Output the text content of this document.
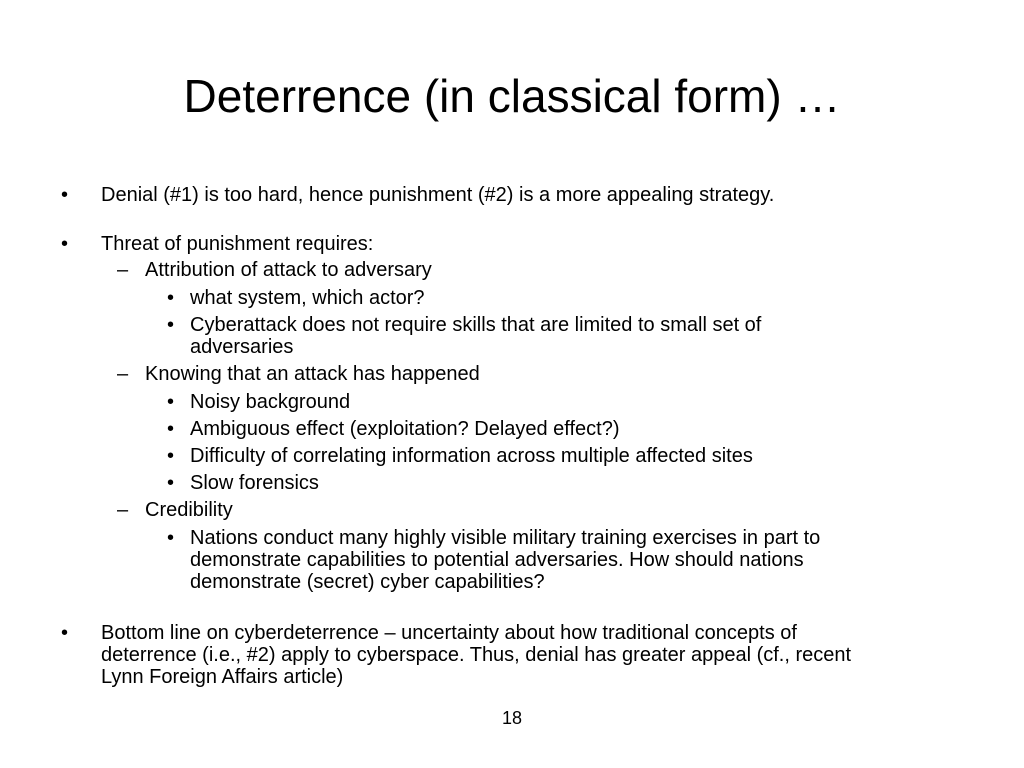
Deterrence (in classical form) …
• Denial (#1) is too hard, hence punishment (#2) is a more appealing strategy.
• Threat of punishment requires:
– Attribution of attack to adversary
• what system, which actor?
• Cyberattack does not require skills that are limited to small set of
adversaries
– Knowing that an attack has happened
• Noisy background
• Ambiguous effect (exploitation? Delayed effect?)
• Difficulty of correlating information across multiple affected sites
• Slow forensics
– Credibility
• Nations conduct many highly visible military training exercises in part to
demonstrate capabilities to potential adversaries. How should nations
demonstrate (secret) cyber capabilities?
• Bottom line on cyberdeterrence – uncertainty about how traditional concepts of
deterrence (i.e., #2) apply to cyberspace. Thus, denial has greater appeal (cf., recent
Lynn Foreign Affairs article)
18
